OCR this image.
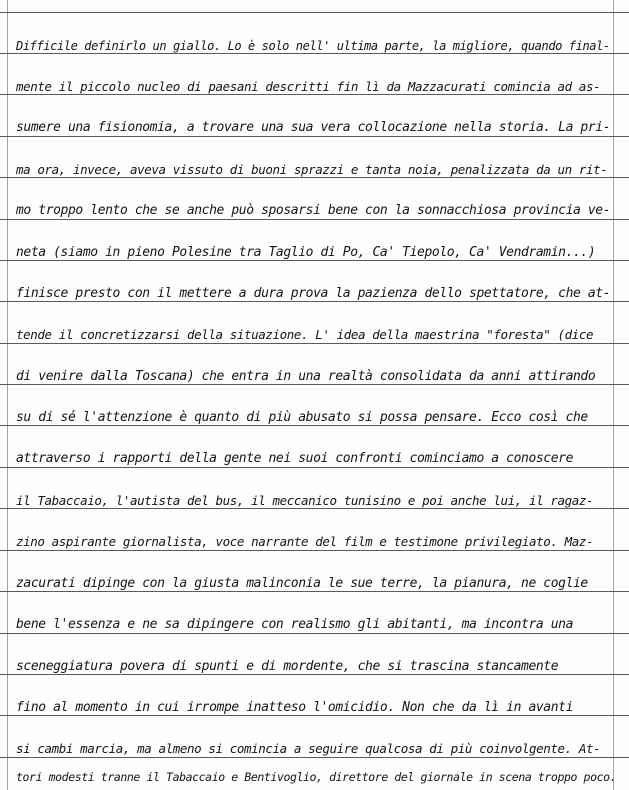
Difficile definirlo un giallo. Lo è solo nell' ultima parte, la migliore, quando final-
mente il piccolo nucleo di paesani descritti fin lì da Mazzacurati comincia ad as-
sumere una fisionomia, a trovare una sua vera collocazione nella storia. La pri-
ma ora, invece, aveva vissuto di buoni sprazzi e tanta noia, penalizzata da un rit-
mo troppo lento che se anche può sposarsi bene con la sonnacchiosa provincia ve-
neta (siamo in pieno Polesine tra Taglio di Po, Ca' Tiepolo, Ca' Vendramin...)
finisce presto con il mettere a dura prova la pazienza dello spettatore, che at-
tende il concretizzarsi della situazione. L' idea della maestrina "foresta" (dice
di venire dalla Toscana) che entra in una realtà consolidata da anni attirando
su di sé l'attenzione è quanto di più abusato si possa pensare. Ecco così che
attraverso i rapporti della gente nei suoi confronti cominciamo a conoscere
il Tabaccaio, l'autista del bus, il meccanico tunisino e poi anche lui, il ragaz-
zino aspirante giornalista, voce narrante del film e testimone privilegiato. Maz-
zacurati dipinge con la giusta malinconia le sue terre, la pianura, ne coglie
bene l'essenza e ne sa dipingere con realismo gli abitanti, ma incontra una
sceneggiatura povera di spunti e di mordente, che si trascina stancamente
fino al momento in cui irrompe inatteso l'omicidio. Non che da lì in avanti
si cambi marcia, ma almeno si comincia a seguire qualcosa di più coinvolgente. At-
tori modesti tranne il Tabaccaio e Bentivoglio, direttore del giornale in scena troppo poco.
